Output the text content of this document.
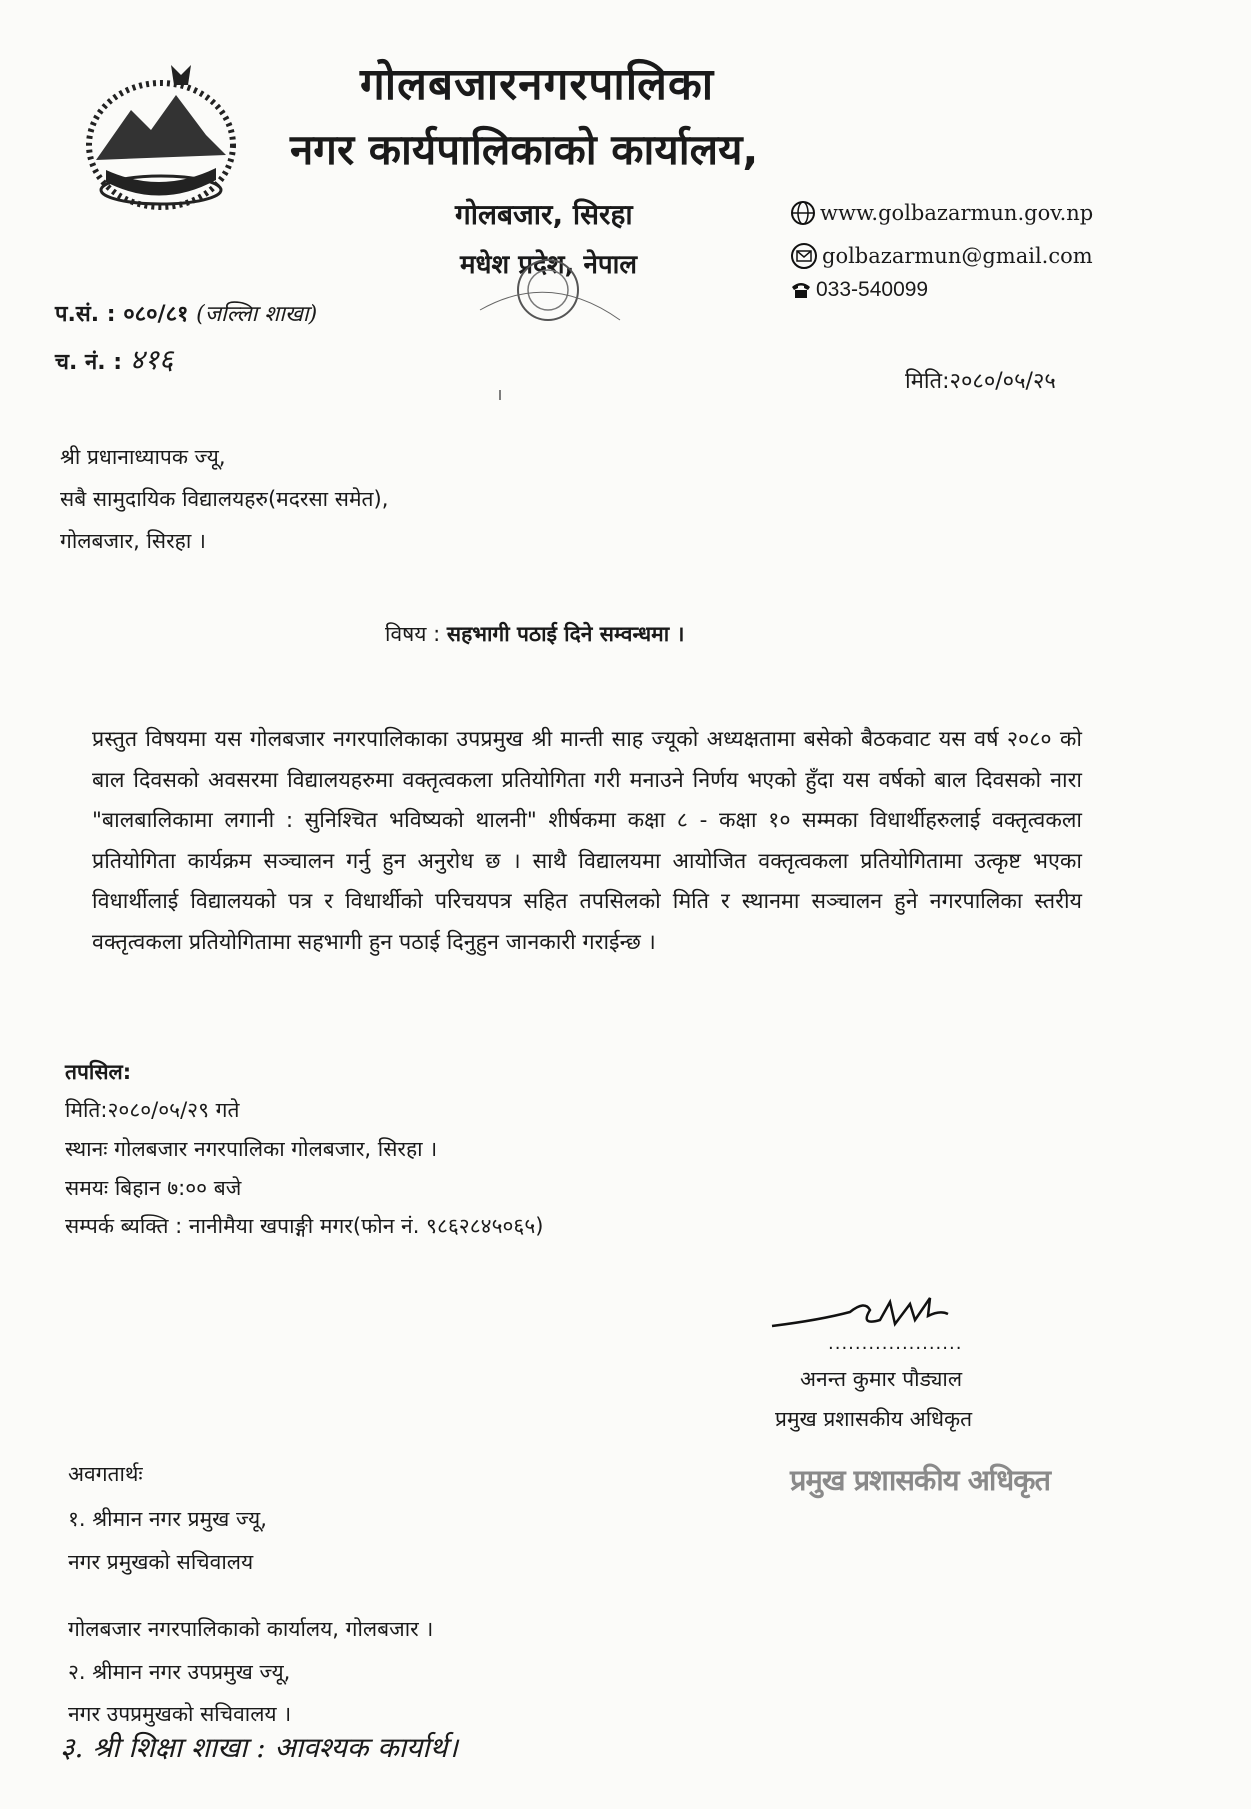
गोलबजारनगरपालिका
नगर कार्यपालिकाको कार्यालय,
गोलबजार, सिरहा
मधेश प्रदेश, नेपाल
www.golbazarmun.gov.np
golbazarmun@gmail.com
033-540099
प.सं. : ०८०/८१ (जल्लिा शाखा)
च. नं. : ४१६
मिति:२०८०/०५/२५
श्री प्रधानाध्यापक ज्यू,
सबै सामुदायिक विद्यालयहरु(मदरसा समेत),
गोलबजार, सिरहा ।
विषय : सहभागी पठाई दिने सम्वन्धमा ।
प्रस्तुत विषयमा यस गोलबजार नगरपालिकाका उपप्रमुख श्री मान्ती साह ज्यूको अध्यक्षतामा बसेको बैठकवाट यस वर्ष २०८० को बाल दिवसको अवसरमा विद्यालयहरुमा वक्तृत्वकला प्रतियोगिता गरी मनाउने निर्णय भएको हुँदा यस वर्षको बाल दिवसको नारा "बालबालिकामा लगानी : सुनिश्चित भविष्यको थालनी" शीर्षकमा कक्षा ८ - कक्षा १० सम्मका विधार्थीहरुलाई वक्तृत्वकला प्रतियोगिता कार्यक्रम सञ्चालन गर्नु हुन अनुरोध छ । साथै विद्यालयमा आयोजित वक्तृत्वकला प्रतियोगितामा उत्कृष्ट भएका विधार्थीलाई विद्यालयको पत्र र विधार्थीको परिचयपत्र सहित तपसिलको मिति र स्थानमा सञ्चालन हुने नगरपालिका स्तरीय वक्तृत्वकला प्रतियोगितामा सहभागी हुन पठाई दिनुहुन जानकारी गराईन्छ ।
तपसिल:
मिति:२०८०/०५/२९ गते
स्थानः गोलबजार नगरपालिका गोलबजार, सिरहा ।
समयः बिहान ७:०० बजे
सम्पर्क ब्यक्ति : नानीमैया खपाङ्गी मगर(फोन नं. ९८६२८४५०६५)
....................
अनन्त कुमार पौड्याल
प्रमुख प्रशासकीय अधिकृत
प्रमुख प्रशासकीय अधिकृत
अवगतार्थः
१. श्रीमान नगर प्रमुख ज्यू,
नगर प्रमुखको सचिवालय
गोलबजार नगरपालिकाको कार्यालय, गोलबजार ।
२. श्रीमान नगर उपप्रमुख ज्यू,
नगर उपप्रमुखको सचिवालय ।
३. श्री शिक्षा शाखा : आवश्यक कार्यार्थ।
